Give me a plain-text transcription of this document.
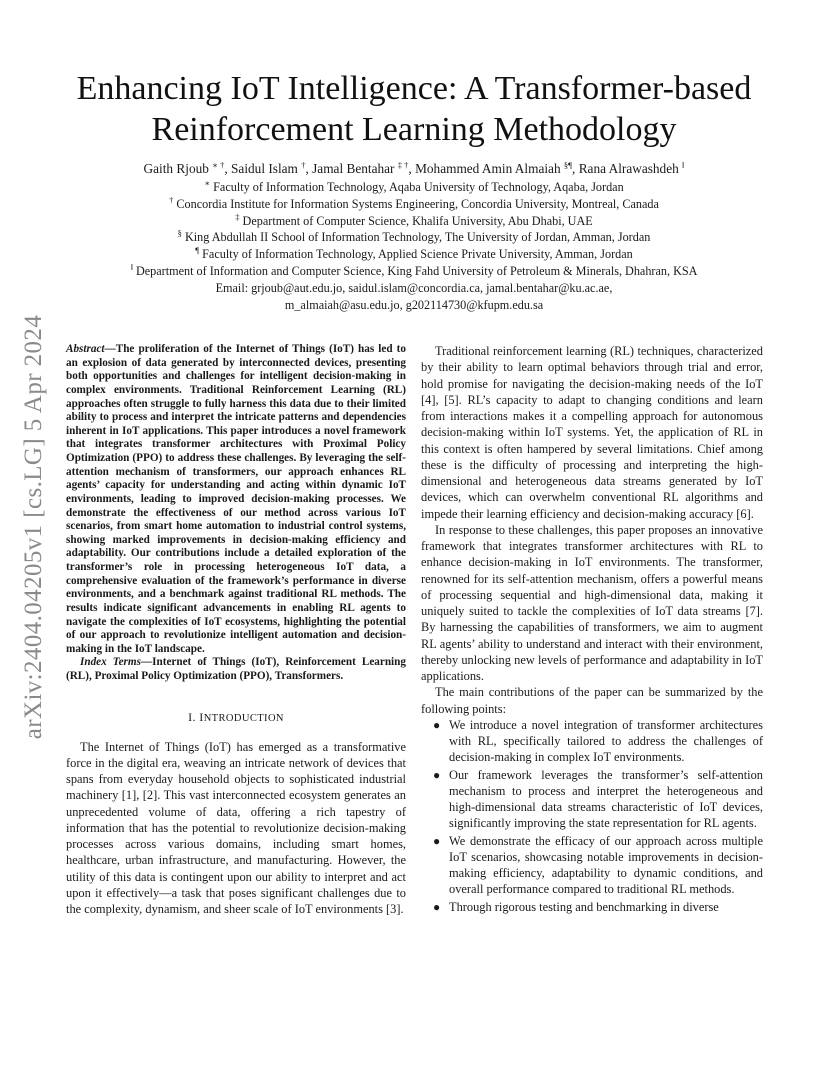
arXiv:2404.04205v1 [cs.LG] 5 Apr 2024
Enhancing IoT Intelligence: A Transformer-based Reinforcement Learning Methodology

Gaith Rjoub ∗ †, Saidul Islam †, Jamal Bentahar ‡ †, Mohammed Amin Almaiah §¶, Rana Alrawashdeh ‖

∗ Faculty of Information Technology, Aqaba University of Technology, Aqaba, Jordan

† Concordia Institute for Information Systems Engineering, Concordia University, Montreal, Canada

‡ Department of Computer Science, Khalifa University, Abu Dhabi, UAE

§ King Abdullah II School of Information Technology, The University of Jordan, Amman, Jordan

¶ Faculty of Information Technology, Applied Science Private University, Amman, Jordan

‖ Department of Information and Computer Science, King Fahd University of Petroleum & Minerals, Dhahran, KSA

Email: grjoub@aut.edu.jo, saidul.islam@concordia.ca, jamal.bentahar@ku.ac.ae,

m_almaiah@asu.edu.jo, g202114730@kfupm.edu.sa

Abstract—The proliferation of the Internet of Things (IoT) has led to an explosion of data generated by interconnected devices, presenting both opportunities and challenges for intelligent decision-making in complex environments. Traditional Reinforcement Learning (RL) approaches often struggle to fully harness this data due to their limited ability to process and interpret the intricate patterns and dependencies inherent in IoT applications. This paper introduces a novel framework that integrates transformer architectures with Proximal Policy Optimization (PPO) to address these challenges. By leveraging the self-attention mechanism of transformers, our approach enhances RL agents’ capacity for understanding and acting within dynamic IoT environments, leading to improved decision-making processes. We demonstrate the effectiveness of our method across various IoT scenarios, from smart home automation to industrial control systems, showing marked improvements in decision-making efficiency and adaptability. Our contributions include a detailed exploration of the transformer’s role in processing heterogeneous IoT data, a comprehensive evaluation of the framework’s performance in diverse environments, and a benchmark against traditional RL methods. The results indicate significant advancements in enabling RL agents to navigate the complexities of IoT ecosystems, highlighting the potential of our approach to revolutionize intelligent automation and decision-making in the IoT landscape.

Index Terms—Internet of Things (IoT), Reinforcement Learning (RL), Proximal Policy Optimization (PPO), Transformers.

I. INTRODUCTION

The Internet of Things (IoT) has emerged as a transformative force in the digital era, weaving an intricate network of devices that spans from everyday household objects to sophisticated industrial machinery [1], [2]. This vast interconnected ecosystem generates an unprecedented volume of data, offering a rich tapestry of information that has the potential to revolutionize decision-making processes across various domains, including smart homes, healthcare, urban infrastructure, and manufacturing. However, the utility of this data is contingent upon our ability to interpret and act upon it effectively—a task that poses significant challenges due to the complexity, dynamism, and sheer scale of IoT environments [3].

Traditional reinforcement learning (RL) techniques, characterized by their ability to learn optimal behaviors through trial and error, hold promise for navigating the decision-making needs of the IoT [4], [5]. RL’s capacity to adapt to changing conditions and learn from interactions makes it a compelling approach for autonomous decision-making within IoT systems. Yet, the application of RL in this context is often hampered by several limitations. Chief among these is the difficulty of processing and interpreting the high-dimensional and heterogeneous data streams generated by IoT devices, which can overwhelm conventional RL algorithms and impede their learning efficiency and decision-making accuracy [6].

In response to these challenges, this paper proposes an innovative framework that integrates transformer architectures with RL to enhance decision-making in IoT environments. The transformer, renowned for its self-attention mechanism, offers a powerful means of processing sequential and high-dimensional data, making it uniquely suited to tackle the complexities of IoT data streams [7]. By harnessing the capabilities of transformers, we aim to augment RL agents’ ability to understand and interact with their environment, thereby unlocking new levels of performance and adaptability in IoT applications.

The main contributions of the paper can be summarized by the following points:

● We introduce a novel integration of transformer architectures with RL, specifically tailored to address the challenges of decision-making in complex IoT environments.
● Our framework leverages the transformer’s self-attention mechanism to process and interpret the heterogeneous and high-dimensional data streams characteristic of IoT devices, significantly improving the state representation for RL agents.
● We demonstrate the efficacy of our approach across multiple IoT scenarios, showcasing notable improvements in decision-making efficiency, adaptability to dynamic conditions, and overall performance compared to traditional RL methods.
● Through rigorous testing and benchmarking in diverse
